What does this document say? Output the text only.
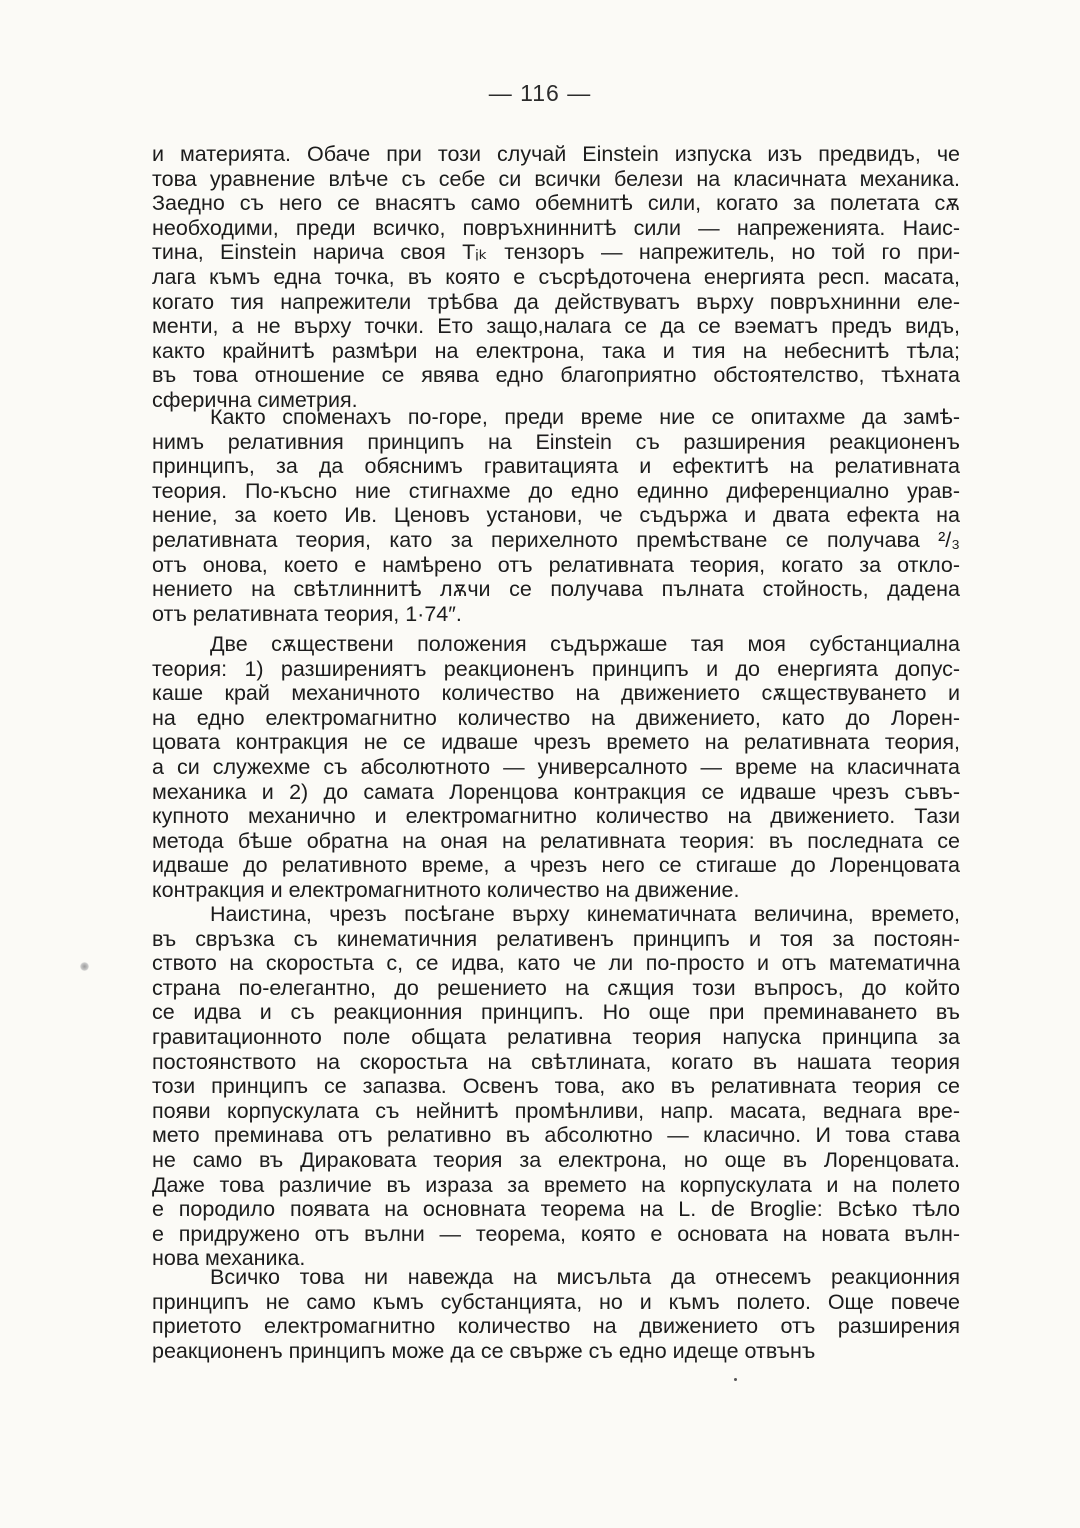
— 116 —
и материята. Обаче при този случай Einstein изпуска изъ предвидъ, че
това уравнение влѣче съ себе си всички белези на класичната механика.
Заедно съ него се внасятъ само обемнитѣ сили, когато за полетата сѫ
необходими, преди всичко, повръхниннитѣ сили — напреженията. Наис-
тина, Einstein нарича своя Tᵢₖ тензоръ — напрежитель, но той го при-
лага къмъ една точка, въ която е съсрѣдоточена енергията респ. масата,
когато тия напрежители трѣбва да действуватъ върху повръхнинни еле-
менти, а не върху точки. Ето защо,налага се да се вэематъ предъ видъ,
както крайнитѣ размѣри на електрона, така и тия на небеснитѣ тѣла;
въ това отношение се явява едно благоприятно обстоятелство, тѣхната
сферична симетрия.
Както споменахъ по-горе, преди време ние се опитахме да замѣ-
нимъ релативния принципъ на Einstein съ разширения реакционенъ
принципъ, за да обяснимъ гравитацията и ефектитѣ на релативната
теория. По-късно ние стигнахме до едно единно диференциално урав-
нение, за което Ив. Ценовъ установи, че съдържа и двата ефекта на
релативната теория, като за перихелното премѣстване се получава ²/₃
отъ онова, което е намѣрено отъ релативната теория, когато за откло-
нението на свѣтлиннитѣ лѫчи се получава пълната стойность, дадена
отъ релативната теория, 1·74″.
Две сѫществени положения съдържаше тая моя субстанциална
теория: 1) разширениятъ реакционенъ принципъ и до енергията допус-
каше край механичното количество на движението сѫществуването и
на едно електромагнитно количество на движението, като до Лорен-
цовата контракция не се идваше чрезъ времето на релативната теория,
а си служехме съ абсолютното — универсалното — време на класичната
механика и 2) до самата Лоренцова контракция се идваше чрезъ съвъ-
купното механично и електромагнитно количество на движението. Тази
метода бѣше обратна на оная на релативната теория: въ последната се
идваше до релативното време, а чрезъ него се стигаше до Лоренцовата
контракция и електромагнитното количество на движение.
Наистина, чрезъ посѣгане върху кинематичната величина, времето,
въ свръзка съ кинематичния релативенъ принципъ и тоя за постоян-
ството на скоростьта c, се идва, като че ли по-просто и отъ математична
страна по-елегантно, до решението на сѫщия този въпросъ, до който
се идва и съ реакционния принципъ. Но още при преминаването въ
гравитационното поле общата релативна теория напуска принципа за
постоянството на скоростьта на свѣтлината, когато въ нашата теория
този принципъ се запазва. Освенъ това, ако въ релативната теория се
появи корпускулата съ нейнитѣ промѣнливи, напр. масата, веднага вре-
мето преминава отъ релативно въ абсолютно — класично. И това става
не само въ Дираковата теория за електрона, но още въ Лоренцовата.
Даже това различие въ израза за времето на корпускулата и на полето
е породило появата на основната теорема на L. de Broglie: Всѣко тѣло
е придружено отъ вълни — теорема, която е основата на новата вълн-
нова механика.
Всичко това ни навежда на мисъльта да отнесемъ реакционния
принципъ не само къмъ субстанцията, но и къмъ полето. Още повече
приетото електромагнитно количество на движението отъ разширения
реакционенъ принципъ може да се свърже съ едно идеще отвънъ
